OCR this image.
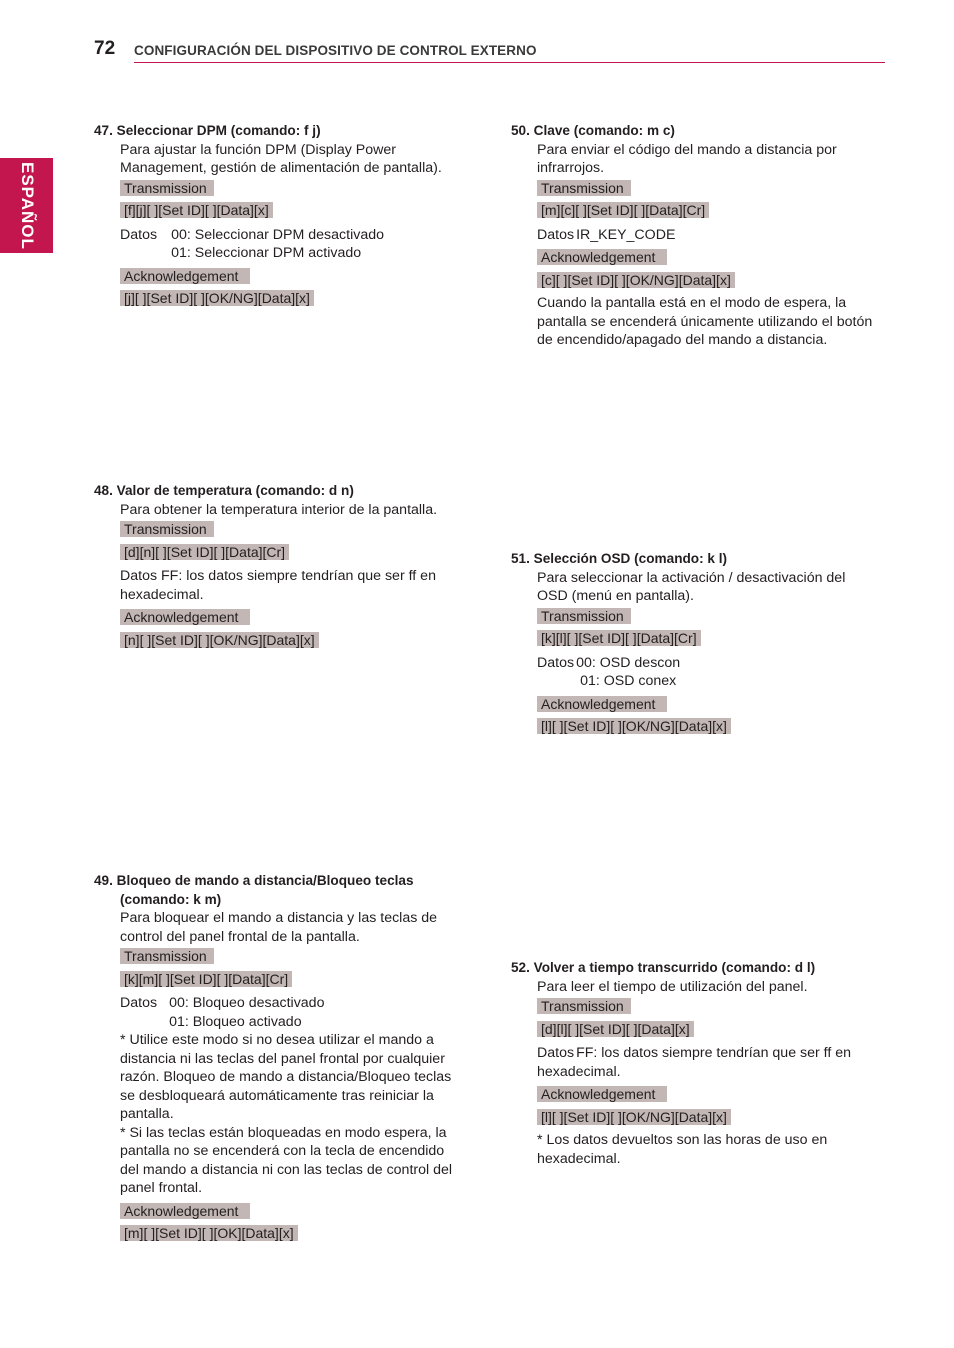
72 CONFIGURACIÓN DEL DISPOSITIVO DE CONTROL EXTERNO
ESPAÑOL
47. Seleccionar DPM (comando: f j)

Para ajustar la función DPM (Display Power

Management, gestión de alimentación de pantalla).

Transmission
[f][j][ ][Set ID][ ][Data][x]
Datos 00: Seleccionar DPM desactivado
01: Seleccionar DPM activado
Acknowledgement
[j][ ][Set ID][ ][OK/NG][Data][x]
48. Valor de temperatura (comando: d n)

Para obtener la temperatura interior de la pantalla.

Transmission
[d][n][ ][Set ID][ ][Data][Cr]

Datos FF: los datos siempre tendrían que ser ff en

hexadecimal.

Acknowledgement
[n][ ][Set ID][ ][OK/NG][Data][x]
49. Bloqueo de mando a distancia/Bloqueo teclas
(comando: k m)

Para bloquear el mando a distancia y las teclas de

control del panel frontal de la pantalla.

Transmission
[k][m][ ][Set ID][ ][Data][Cr]
Datos 00: Bloqueo desactivado
01: Bloqueo activado

* Utilice este modo si no desea utilizar el mando a

distancia ni las teclas del panel frontal por cualquier

razón. Bloqueo de mando a distancia/Bloqueo teclas

se desbloqueará automáticamente tras reiniciar la

pantalla.

* Si las teclas están bloqueadas en modo espera, la

pantalla no se encenderá con la tecla de encendido

del mando a distancia ni con las teclas de control del

panel frontal.

Acknowledgement
[m][ ][Set ID][ ][OK][Data][x]
50. Clave (comando: m c)

Para enviar el código del mando a distancia por

infrarrojos.

Transmission
[m][c][ ][Set ID][ ][Data][Cr]
Datos IR_KEY_CODE
Acknowledgement
[c][ ][Set ID][ ][OK/NG][Data][x]

Cuando la pantalla está en el modo de espera, la

pantalla se encenderá únicamente utilizando el botón

de encendido/apagado del mando a distancia.

51. Selección OSD (comando: k l)

Para seleccionar la activación / desactivación del

OSD (menú en pantalla).

Transmission
[k][l][ ][Set ID][ ][Data][Cr]
Datos 00: OSD descon
01: OSD conex
Acknowledgement
[l][ ][Set ID][ ][OK/NG][Data][x]
52. Volver a tiempo transcurrido (comando: d l)

Para leer el tiempo de utilización del panel.

Transmission
[d][l][ ][Set ID][ ][Data][x]
Datos FF: los datos siempre tendrían que ser ff en

hexadecimal.

Acknowledgement
[l][ ][Set ID][ ][OK/NG][Data][x]

* Los datos devueltos son las horas de uso en

hexadecimal.
